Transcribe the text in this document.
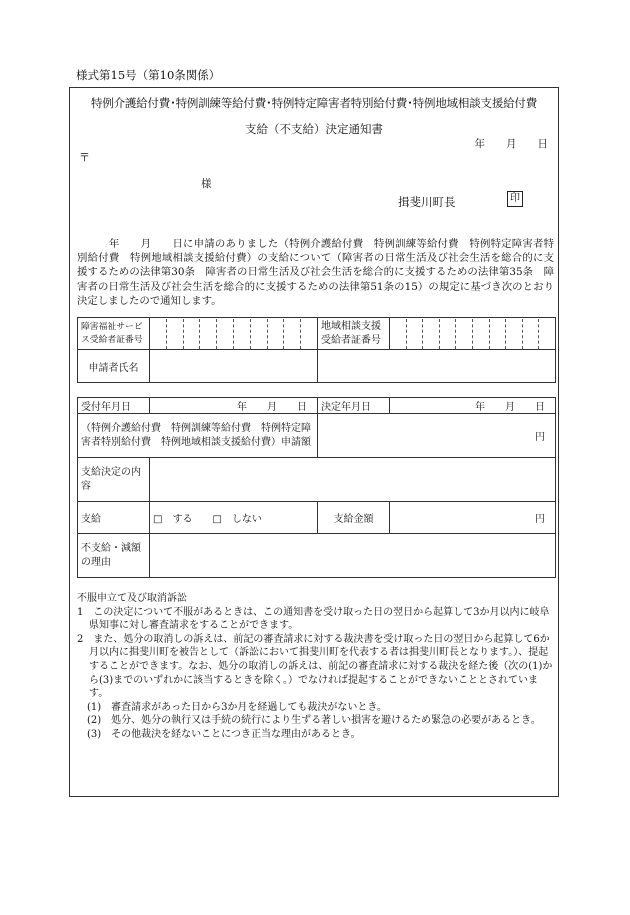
様式第15号（第10条関係）
特例介護給付費･特例訓練等給付費･特例特定障害者特別給付費･特例地域相談支援給付費
支給（不支給）決定通知書
年　　月　　日
〒
様
揖斐川町長	印
　　　年　　月　　日に申請のありました（特例介護給付費　特例訓練等給付費　特例特定障害者特別給付費　特例地域相談支援給付費）の支給について（障害者の日常生活及び社会生活を総合的に支援するための法律第30条　障害者の日常生活及び社会生活を総合的に支援するための法律第35条　障害者の日常生活及び社会生活を総合的に支援するための法律第51条の15）の規定に基づき次のとおり決定しましたので通知します。
障害福祉サービス受給者証番号		地域相談支援受給者証番号	

申請者氏名			
受付年月日	年　　月　　日	決定年月日	年　　月　　日
（特例介護給付費　特例訓練等給付費　特例特定障害者特別給付費　特例地域相談支援給付費）申請額		円	
支給決定の内容			
支給	□　する　　□　しない	支給金額	円
不支給・減額の理由			

不服申立て及び取消訴訟

1　この決定について不服があるときは、この通知書を受け取った日の翌日から起算して3か月以内に岐阜県知事に対し審査請求をすることができます。

2　また、処分の取消しの訴えは、前記の審査請求に対する裁決書を受け取った日の翌日から起算して6か月以内に揖斐川町を被告として（訴訟において揖斐川町を代表する者は揖斐川町長となります。）、提起することができます。なお、処分の取消しの訴えは、前記の審査請求に対する裁決を経た後（次の(1)から(3)までのいずれかに該当するときを除く。）でなければ提起することができないこととされています。

(1)　審査請求があった日から3か月を経過しても裁決がないとき。

(2)　処分、処分の執行又は手続の続行により生ずる著しい損害を避けるため緊急の必要があるとき。

(3)　その他裁決を経ないことにつき正当な理由があるとき。
